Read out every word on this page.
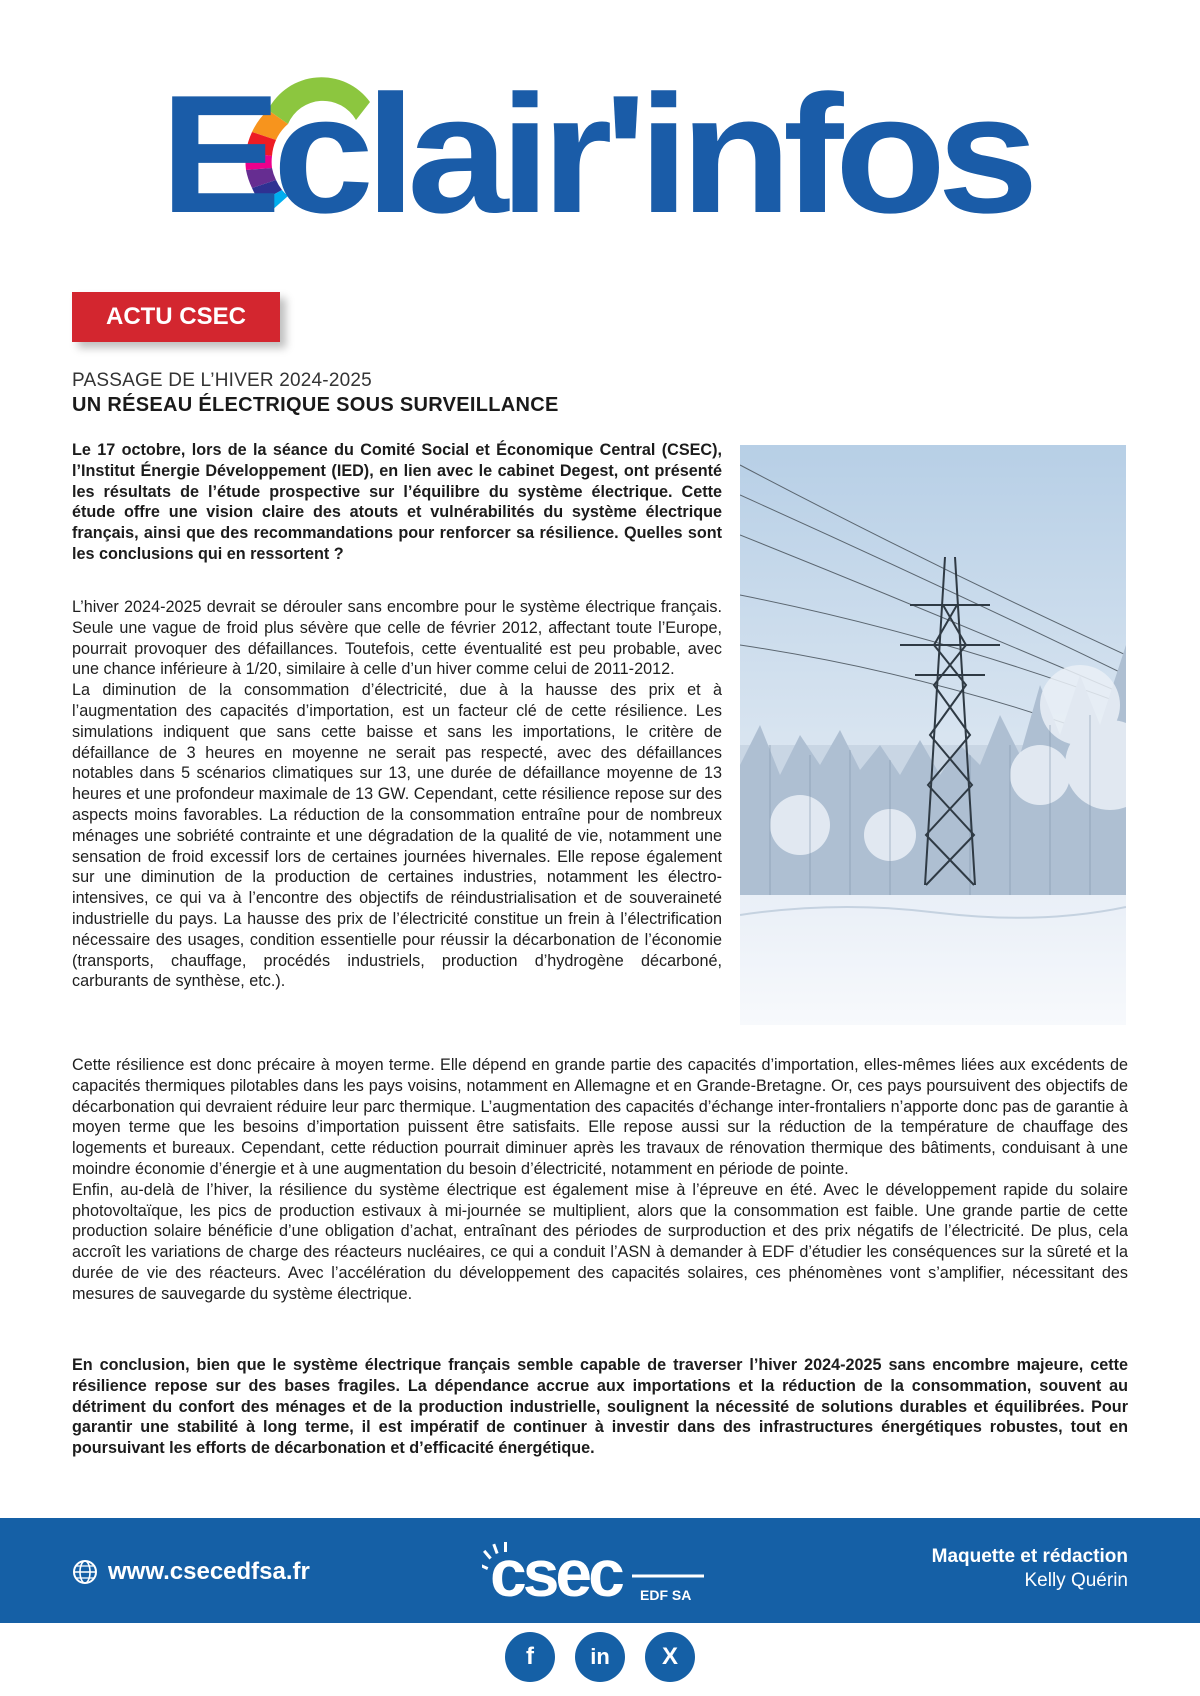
Eclair'infos
ACTU CSEC
PASSAGE DE L’HIVER 2024-2025
UN RÉSEAU ÉLECTRIQUE SOUS SURVEILLANCE

Le 17 octobre, lors de la séance du Comité Social et Économique Central (CSEC), l’Institut Énergie Développement (IED), en lien avec le cabinet Degest, ont présenté les résultats de l’étude prospective sur l’équilibre du système électrique. Cette étude offre une vision claire des atouts et vulnérabilités du système électrique français, ainsi que des recommandations pour renforcer sa résilience. Quelles sont les conclusions qui en ressortent ?

L’hiver 2024-2025 devrait se dérouler sans encombre pour le système électrique français. Seule une vague de froid plus sévère que celle de février 2012, affectant toute l’Europe, pourrait provoquer des défaillances. Toutefois, cette éventualité est peu probable, avec une chance inférieure à 1/20, similaire à celle d’un hiver comme celui de 2011-2012.

La diminution de la consommation d’électricité, due à la hausse des prix et à l’augmentation des capacités d’importation, est un facteur clé de cette résilience. Les simulations indiquent que sans cette baisse et sans les importations, le critère de défaillance de 3 heures en moyenne ne serait pas respecté, avec des défaillances notables dans 5 scénarios climatiques sur 13, une durée de défaillance moyenne de 13 heures et une profondeur maximale de 13 GW. Cependant, cette résilience repose sur des aspects moins favorables. La réduction de la consommation entraîne pour de nombreux ménages une sobriété contrainte et une dégradation de la qualité de vie, notamment une sensation de froid excessif lors de certaines journées hivernales. Elle repose également sur une diminution de la production de certaines industries, notamment les électro-intensives, ce qui va à l’encontre des objectifs de réindustrialisation et de souveraineté industrielle du pays. La hausse des prix de l’électricité constitue un frein à l’électrification nécessaire des usages, condition essentielle pour réussir la décarbonation de l’économie (transports, chauffage, procédés industriels, production d’hydrogène décarboné, carburants de synthèse, etc.).

Cette résilience est donc précaire à moyen terme. Elle dépend en grande partie des capacités d’importation, elles-mêmes liées aux excédents de capacités thermiques pilotables dans les pays voisins, notamment en Allemagne et en Grande-Bretagne. Or, ces pays poursuivent des objectifs de décarbonation qui devraient réduire leur parc thermique. L’augmentation des capacités d’échange inter-frontaliers n’apporte donc pas de garantie à moyen terme que les besoins d’importation puissent être satisfaits. Elle repose aussi sur la réduction de la température de chauffage des logements et bureaux. Cependant, cette réduction pourrait diminuer après les travaux de rénovation thermique des bâtiments, conduisant à une moindre économie d’énergie et à une augmentation du besoin d’électricité, notamment en période de pointe.

Enfin, au-delà de l’hiver, la résilience du système électrique est également mise à l’épreuve en été. Avec le développement rapide du solaire photovoltaïque, les pics de production estivaux à mi-journée se multiplient, alors que la consommation est faible. Une grande partie de cette production solaire bénéficie d’une obligation d’achat, entraînant des périodes de surproduction et des prix négatifs de l’électricité. De plus, cela accroît les variations de charge des réacteurs nucléaires, ce qui a conduit l’ASN à demander à EDF d’étudier les conséquences sur la sûreté et la durée de vie des réacteurs. Avec l’accélération du développement des capacités solaires, ces phénomènes vont s’amplifier, nécessitant des mesures de sauvegarde du système électrique.

En conclusion, bien que le système électrique français semble capable de traverser l’hiver 2024-2025 sans encombre majeure, cette résilience repose sur des bases fragiles. La dépendance accrue aux importations et la réduction de la consommation, souvent au détriment du confort des ménages et de la production industrielle, soulignent la nécessité de solutions durables et équilibrées. Pour garantir une stabilité à long terme, il est impératif de continuer à investir dans des infrastructures énergétiques robustes, tout en poursuivant les efforts de décarbonation et d’efficacité énergétique.

www.csecedfsa.fr	csec EDF SA
Maquette et rédaction
Kelly Quérin
f	in X
